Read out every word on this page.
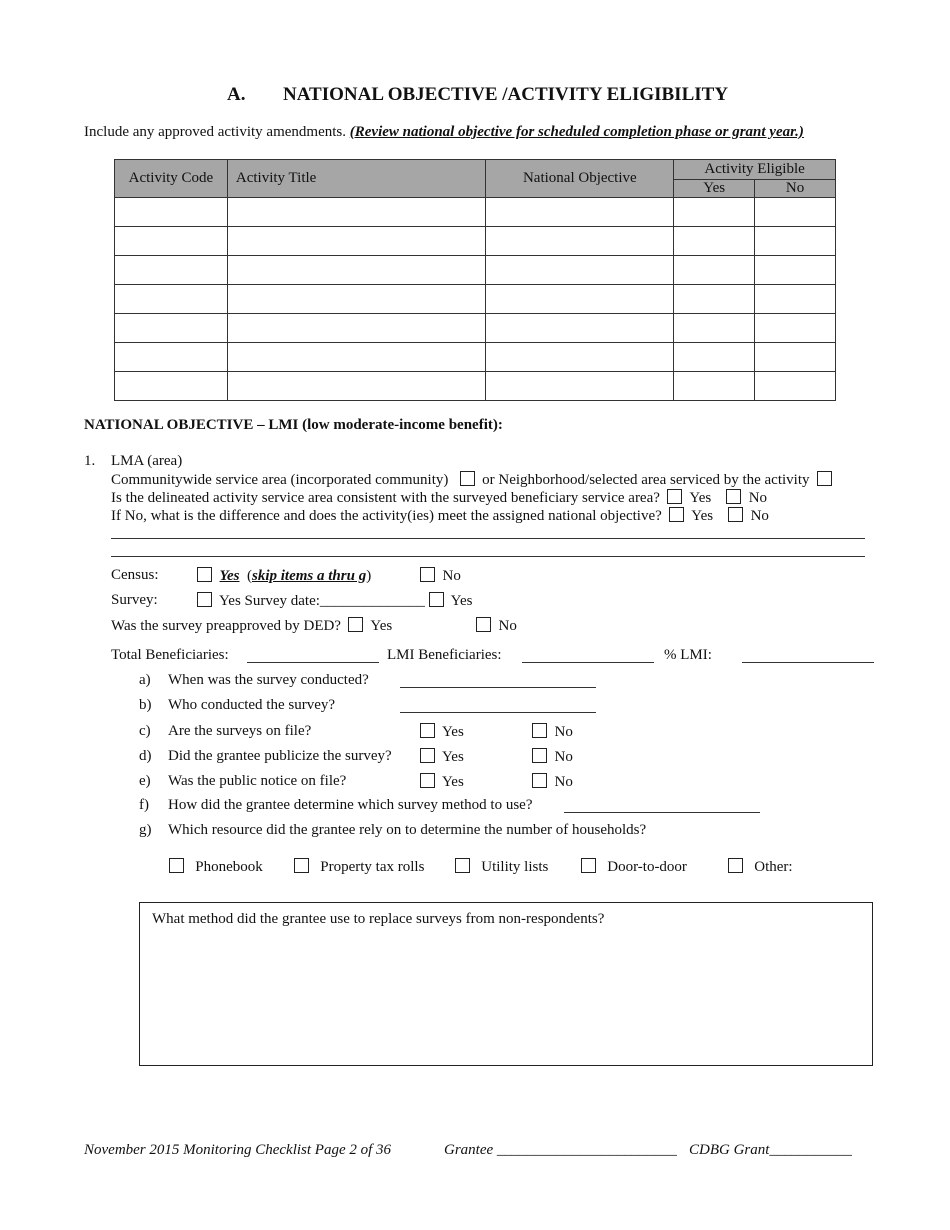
A. NATIONAL OBJECTIVE /ACTIVITY ELIGIBILITY
Include any approved activity amendments. (Review national objective for scheduled completion phase or grant year.)
Activity Code	Activity Title	National Objective	Activity Eligible	
			Yes	No

NATIONAL OBJECTIVE – LMI (low moderate-income benefit):
1. LMA (area)
Communitywide service area (incorporated community) or Neighborhood/selected area serviced by the activity
Is the delineated activity service area consistent with the surveyed beneficiary service area? Yes	No
If No, what is the difference and does the activity(ies) meet the assigned national objective? Yes	No
Census:	Yes (skip items a thru g)	No
Survey:	Yes Survey date:______________ Yes
Was the survey preapproved by DED? Yes	No
Total Beneficiaries:	LMI Beneficiaries:	% LMI:
a) When was the survey conducted?
b) Who conducted the survey?
c) Are the surveys on file?	Yes	No
d) Did the grantee publicize the survey?	Yes	No
e) Was the public notice on file?	Yes	No
f) How did the grantee determine which survey method to use?
g) Which resource did the grantee rely on to determine the number of households?
Phonebook	Property tax rolls	Utility lists	Door-to-door	Other:
What method did the grantee use to replace surveys from non-respondents?
November 2015 Monitoring Checklist Page 2 of 36	Grantee ________________________ CDBG Grant___________
